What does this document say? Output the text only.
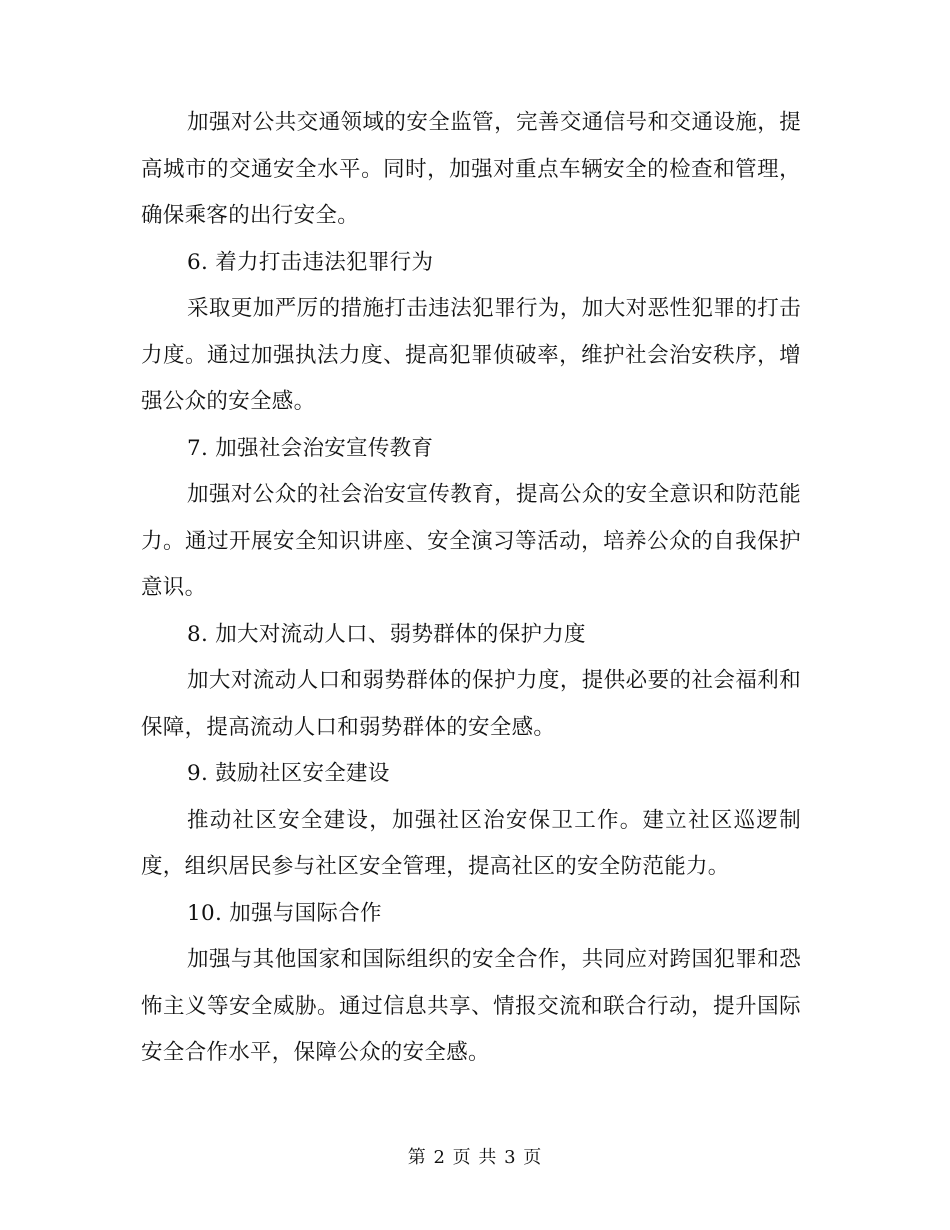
加强对公共交通领域的安全监管，完善交通信号和交通设施，提高城市的交通安全水平。同时，加强对重点车辆安全的检查和管理，确保乘客的出行安全。

6. 着力打击违法犯罪行为

采取更加严厉的措施打击违法犯罪行为，加大对恶性犯罪的打击力度。通过加强执法力度、提高犯罪侦破率，维护社会治安秩序，增强公众的安全感。

7. 加强社会治安宣传教育

加强对公众的社会治安宣传教育，提高公众的安全意识和防范能力。通过开展安全知识讲座、安全演习等活动，培养公众的自我保护意识。

8. 加大对流动人口、弱势群体的保护力度

加大对流动人口和弱势群体的保护力度，提供必要的社会福利和保障，提高流动人口和弱势群体的安全感。

9. 鼓励社区安全建设

推动社区安全建设，加强社区治安保卫工作。建立社区巡逻制度，组织居民参与社区安全管理，提高社区的安全防范能力。

10. 加强与国际合作

加强与其他国家和国际组织的安全合作，共同应对跨国犯罪和恐怖主义等安全威胁。通过信息共享、情报交流和联合行动，提升国际安全合作水平，保障公众的安全感。

第 2 页 共 3 页
